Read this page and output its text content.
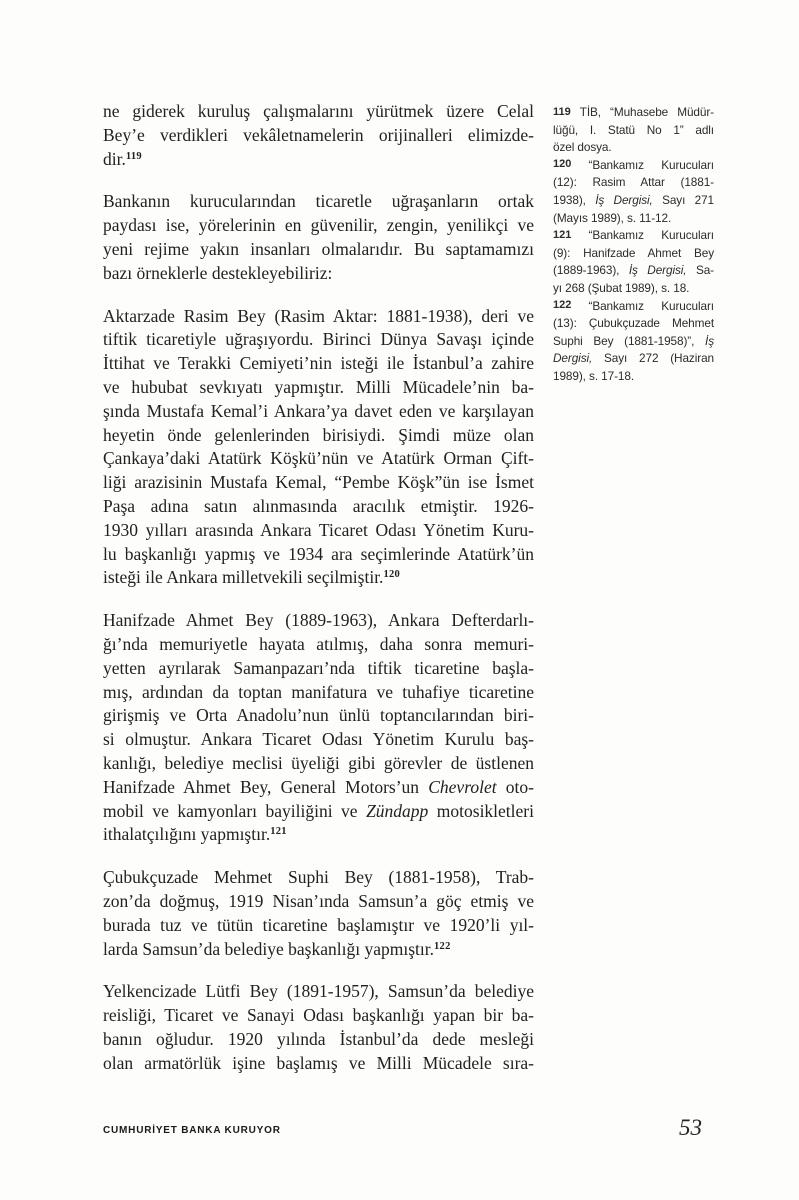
ne giderek kuruluş çalışmalarını yürütmek üzere Celal
Bey’e verdikleri vekâletnamelerin orijinalleri elimizde-
dir.$^{119}$
Bankanın kurucularından ticaretle uğraşanların ortak
paydası ise, yörelerinin en güvenilir, zengin, yenilikçi ve
yeni rejime yakın insanları olmalarıdır. Bu saptamamızı
bazı örneklerle destekleyebiliriz:
Aktarzade Rasim Bey (Rasim Aktar: 1881-1938), deri ve
tiftik ticaretiyle uğraşıyordu. Birinci Dünya Savaşı içinde
İttihat ve Terakki Cemiyeti’nin isteği ile İstanbul’a zahire
ve hububat sevkıyatı yapmıştır. Milli Mücadele’nin ba-
şında Mustafa Kemal’i Ankara’ya davet eden ve karşılayan
heyetin önde gelenlerinden birisiydi. Şimdi müze olan
Çankaya’daki Atatürk Köşkü’nün ve Atatürk Orman Çift-
liği arazisinin Mustafa Kemal, “Pembe Köşk”ün ise İsmet
Paşa adına satın alınmasında aracılık etmiştir. 1926-
1930 yılları arasında Ankara Ticaret Odası Yönetim Kuru-
lu başkanlığı yapmış ve 1934 ara seçimlerinde Atatürk’ün
isteği ile Ankara milletvekili seçilmiştir.$^{120}$
Hanifzade Ahmet Bey (1889-1963), Ankara Defterdarlı-
ğı’nda memuriyetle hayata atılmış, daha sonra memuri-
yetten ayrılarak Samanpazarı’nda tiftik ticaretine başla-
mış, ardından da toptan manifatura ve tuhafiye ticaretine
girişmiş ve Orta Anadolu’nun ünlü toptancılarından biri-
si olmuştur. Ankara Ticaret Odası Yönetim Kurulu baş-
kanlığı, belediye meclisi üyeliği gibi görevler de üstlenen
Hanifzade Ahmet Bey, General Motors’un Chevrolet oto-
mobil ve kamyonları bayiliğini ve Zündapp motosikletleri
ithalatçılığını yapmıştır.$^{121}$
Çubukçuzade Mehmet Suphi Bey (1881-1958), Trab-
zon’da doğmuş, 1919 Nisan’ında Samsun’a göç etmiş ve
burada tuz ve tütün ticaretine başlamıştır ve 1920’li yıl-
larda Samsun’da belediye başkanlığı yapmıştır.$^{122}$
Yelkencizade Lütfi Bey (1891-1957), Samsun’da belediye
reisliği, Ticaret ve Sanayi Odası başkanlığı yapan bir ba-
banın oğludur. 1920 yılında İstanbul’da dede mesleği
olan armatörlük işine başlamış ve Milli Mücadele sıra-
119 TİB, “Muhasebe Müdür-
lüğü, I. Statü No 1” adlı
özel dosya.
120 “Bankamız Kurucuları
(12): Rasim Attar (1881-
1938), İş Dergisi, Sayı 271
(Mayıs 1989), s. 11-12.
121 “Bankamız Kurucuları
(9): Hanifzade Ahmet Bey
(1889-1963), İş Dergisi, Sa-
yı 268 (Şubat 1989), s. 18.
122 “Bankamız Kurucuları
(13): Çubukçuzade Mehmet
Suphi Bey (1881-1958)”, İş
Dergisi, Sayı 272 (Haziran
1989), s. 17-18.
CUMHURİYET BANKA KURUYOR	53
